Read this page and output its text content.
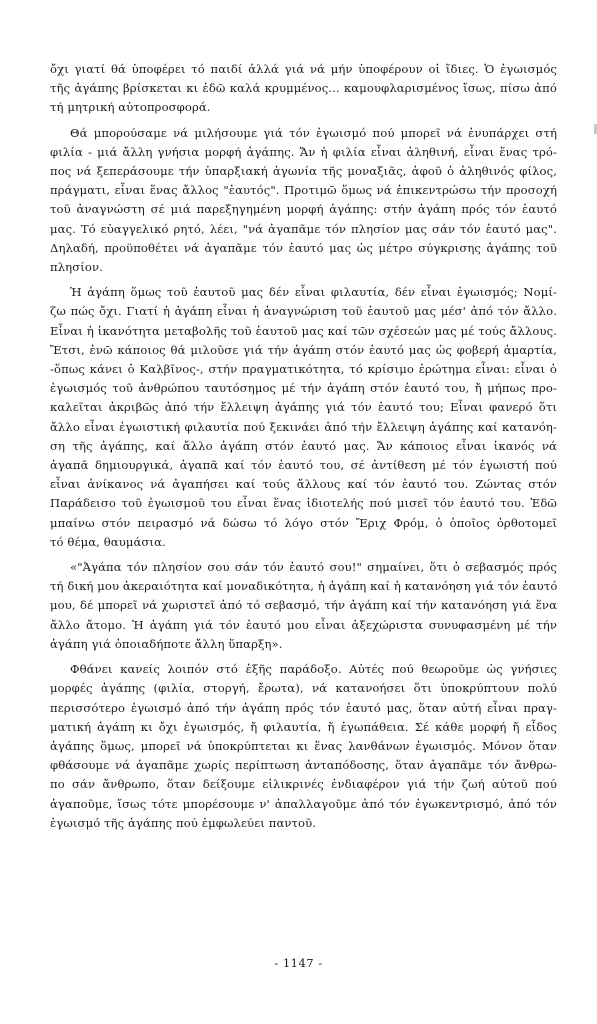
ὄχι γιατί θά ὑποφέρει τό παιδί ἀλλά γιά νά μήν ὑποφέρουν οἱ ἴδιες. Ὁ ἐγωισμός
τῆς ἀγάπης βρίσκεται κι ἐδῶ καλά κρυμμένος... καμουφλαρισμένος ἴσως, πίσω ἀπό
τή μητρική αὐτοπροσφορά.

Θά μπορούσαμε νά μιλήσουμε γιά τόν ἐγωισμό πού μπορεῖ νά ἐνυπάρχει στή
φιλία - μιά ἄλλη γνήσια μορφή ἀγάπης. Ἄν ἡ φιλία εἶναι ἀληθινή, εἶναι ἕνας τρό-
πος νά ξεπεράσουμε τήν ὑπαρξιακή ἀγωνία τῆς μοναξιᾶς, ἀφοῦ ὁ ἀληθινός φίλος,
πράγματι, εἶναι ἕνας ἄλλος "ἑαυτός". Προτιμῶ ὅμως νά ἐπικεντρώσω τήν προσοχή
τοῦ ἀναγνώστη σέ μιά παρεξηγημένη μορφή ἀγάπης: στήν ἀγάπη πρός τόν ἑαυτό
μας. Τό εὐαγγελικό ρητό, λέει, "νά ἀγαπᾶμε τόν πλησίον μας σάν τόν ἑαυτό μας".
Δηλαδή, προϋποθέτει νά ἀγαπᾶμε τόν ἑαυτό μας ὡς μέτρο σύγκρισης ἀγάπης τοῦ
πλησίον.

Ἡ ἀγάπη ὅμως τοῦ ἑαυτοῦ μας δέν εἶναι φιλαυτία, δέν εἶναι ἐγωισμός; Νομί-
ζω πώς ὄχι. Γιατί ἡ ἀγάπη εἶναι ἡ ἀναγνώριση τοῦ ἑαυτοῦ μας μέσ' ἀπό τόν ἄλλο.
Εἶναι ἡ ἱκανότητα μεταβολῆς τοῦ ἑαυτοῦ μας καί τῶν σχέσεών μας μέ τούς ἄλλους.
Ἔτσι, ἐνῶ κάποιος θά μιλοῦσε γιά τήν ἀγάπη στόν ἑαυτό μας ὡς φοβερή ἁμαρτία,
-ὅπως κάνει ὁ Καλβῖνος-, στήν πραγματικότητα, τό κρίσιμο ἐρώτημα εἶναι: εἶναι ὁ
ἐγωισμός τοῦ ἀνθρώπου ταυτόσημος μέ τήν ἀγάπη στόν ἑαυτό του, ἤ μήπως προ-
καλεῖται ἀκριβῶς ἀπό τήν ἔλλειψη ἀγάπης γιά τόν ἑαυτό του; Εἶναι φανερό ὅτι
ἄλλο εἶναι ἐγωιστική φιλαυτία πού ξεκινάει ἀπό τήν ἔλλειψη ἀγάπης καί κατανόη-
ση τῆς ἀγάπης, καί ἄλλο ἀγάπη στόν ἑαυτό μας. Ἄν κάποιος εἶναι ἱκανός νά
ἀγαπᾶ δημιουργικά, ἀγαπᾶ καί τόν ἑαυτό του, σέ ἀντίθεση μέ τόν ἐγωιστή πού
εἶναι ἀνίκανος νά ἀγαπήσει καί τούς ἄλλους καί τόν ἑαυτό του. Ζώντας στόν
Παράδεισο τοῦ ἐγωισμοῦ του εἶναι ἕνας ἰδιοτελής πού μισεῖ τόν ἑαυτό του. Ἐδῶ
μπαίνω στόν πειρασμό νά δώσω τό λόγο στόν Ἔριχ Φρόμ, ὁ ὁποῖος ὀρθοτομεῖ
τό θέμα, θαυμάσια.

«"Ἀγάπα τόν πλησίον σου σάν τόν ἑαυτό σου!" σημαίνει, ὅτι ὁ σεβασμός πρός
τή δική μου ἀκεραιότητα καί μοναδικότητα, ἡ ἀγάπη καί ἡ κατανόηση γιά τόν ἑαυτό
μου, δέ μπορεῖ νά χωριστεῖ ἀπό τό σεβασμό, τήν ἀγάπη καί τήν κατανόηση γιά ἕνα
ἄλλο ἄτομο. Ἡ ἀγάπη γιά τόν ἑαυτό μου εἶναι ἀξεχώριστα συνυφασμένη μέ τήν
ἀγάπη γιά ὁποιαδήποτε ἄλλη ὕπαρξη».

Φθάνει κανείς λοιπόν στό ἑξῆς παράδοξο. Αὐτές πού θεωροῦμε ὡς γνήσιες
μορφές ἀγάπης (φιλία, στοργή, ἔρωτα), νά κατανοήσει ὅτι ὑποκρύπτουν πολύ
περισσότερο ἐγωισμό ἀπό τήν ἀγάπη πρός τόν ἑαυτό μας, ὅταν αὐτή εἶναι πραγ-
ματική ἀγάπη κι ὄχι ἐγωισμός, ἤ φιλαυτία, ἤ ἐγωπάθεια. Σέ κάθε μορφή ἤ εἶδος
ἀγάπης ὅμως, μπορεῖ νά ὑποκρύπτεται κι ἕνας λανθάνων ἐγωισμός. Μόνον ὅταν
φθάσουμε νά ἀγαπᾶμε χωρίς περίπτωση ἀνταπόδοσης, ὅταν ἀγαπᾶμε τόν ἄνθρω-
πο σάν ἄνθρωπο, ὅταν δείξουμε εἰλικρινές ἐνδιαφέρον γιά τήν ζωή αὐτοῦ πού
ἀγαποῦμε, ἴσως τότε μπορέσουμε ν' ἀπαλλαγοῦμε ἀπό τόν ἐγωκεντρισμό, ἀπό τόν
ἐγωισμό τῆς ἀγάπης πού ἐμφωλεύει παντοῦ.

- 1147 -
